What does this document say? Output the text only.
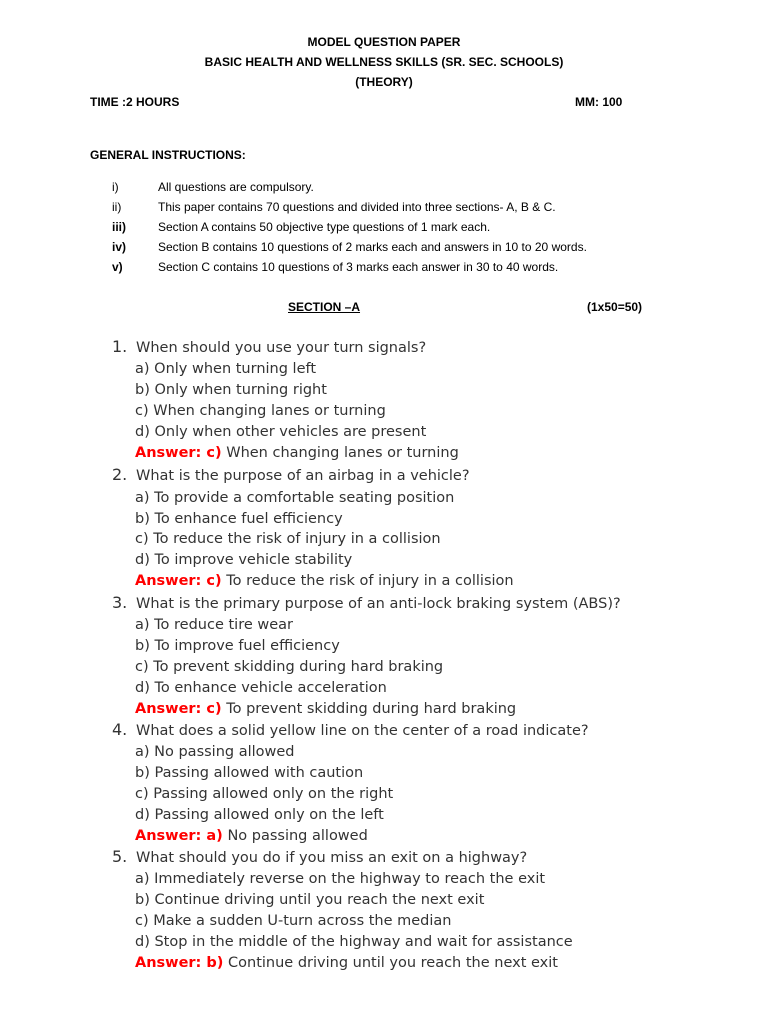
MODEL QUESTION PAPER
BASIC HEALTH AND WELLNESS SKILLS (SR. SEC. SCHOOLS)
(THEORY)
TIME :2 HOURS	MM: 100
GENERAL INSTRUCTIONS:
i)	All questions are compulsory.
ii)	This paper contains 70 questions and divided into three sections- A, B & C.
iii)	Section A contains 50 objective type questions of 1 mark each.
iv)	Section B contains 10 questions of 2 marks each and answers in 10 to 20 words.
v)	Section C contains 10 questions of 3 marks each answer in 30 to 40 words.
SECTION –A	(1x50=50)
1. When should you use your turn signals?
a) Only when turning left
b) Only when turning right
c) When changing lanes or turning
d) Only when other vehicles are present
Answer: c) When changing lanes or turning
2. What is the purpose of an airbag in a vehicle?
a) To provide a comfortable seating position
b) To enhance fuel efficiency
c) To reduce the risk of injury in a collision
d) To improve vehicle stability
Answer: c) To reduce the risk of injury in a collision
3. What is the primary purpose of an anti-lock braking system (ABS)?
a) To reduce tire wear
b) To improve fuel efficiency
c) To prevent skidding during hard braking
d) To enhance vehicle acceleration
Answer: c) To prevent skidding during hard braking
4. What does a solid yellow line on the center of a road indicate?
a) No passing allowed
b) Passing allowed with caution
c) Passing allowed only on the right
d) Passing allowed only on the left
Answer: a) No passing allowed
5. What should you do if you miss an exit on a highway?
a) Immediately reverse on the highway to reach the exit
b) Continue driving until you reach the next exit
c) Make a sudden U-turn across the median
d) Stop in the middle of the highway and wait for assistance
Answer: b) Continue driving until you reach the next exit
